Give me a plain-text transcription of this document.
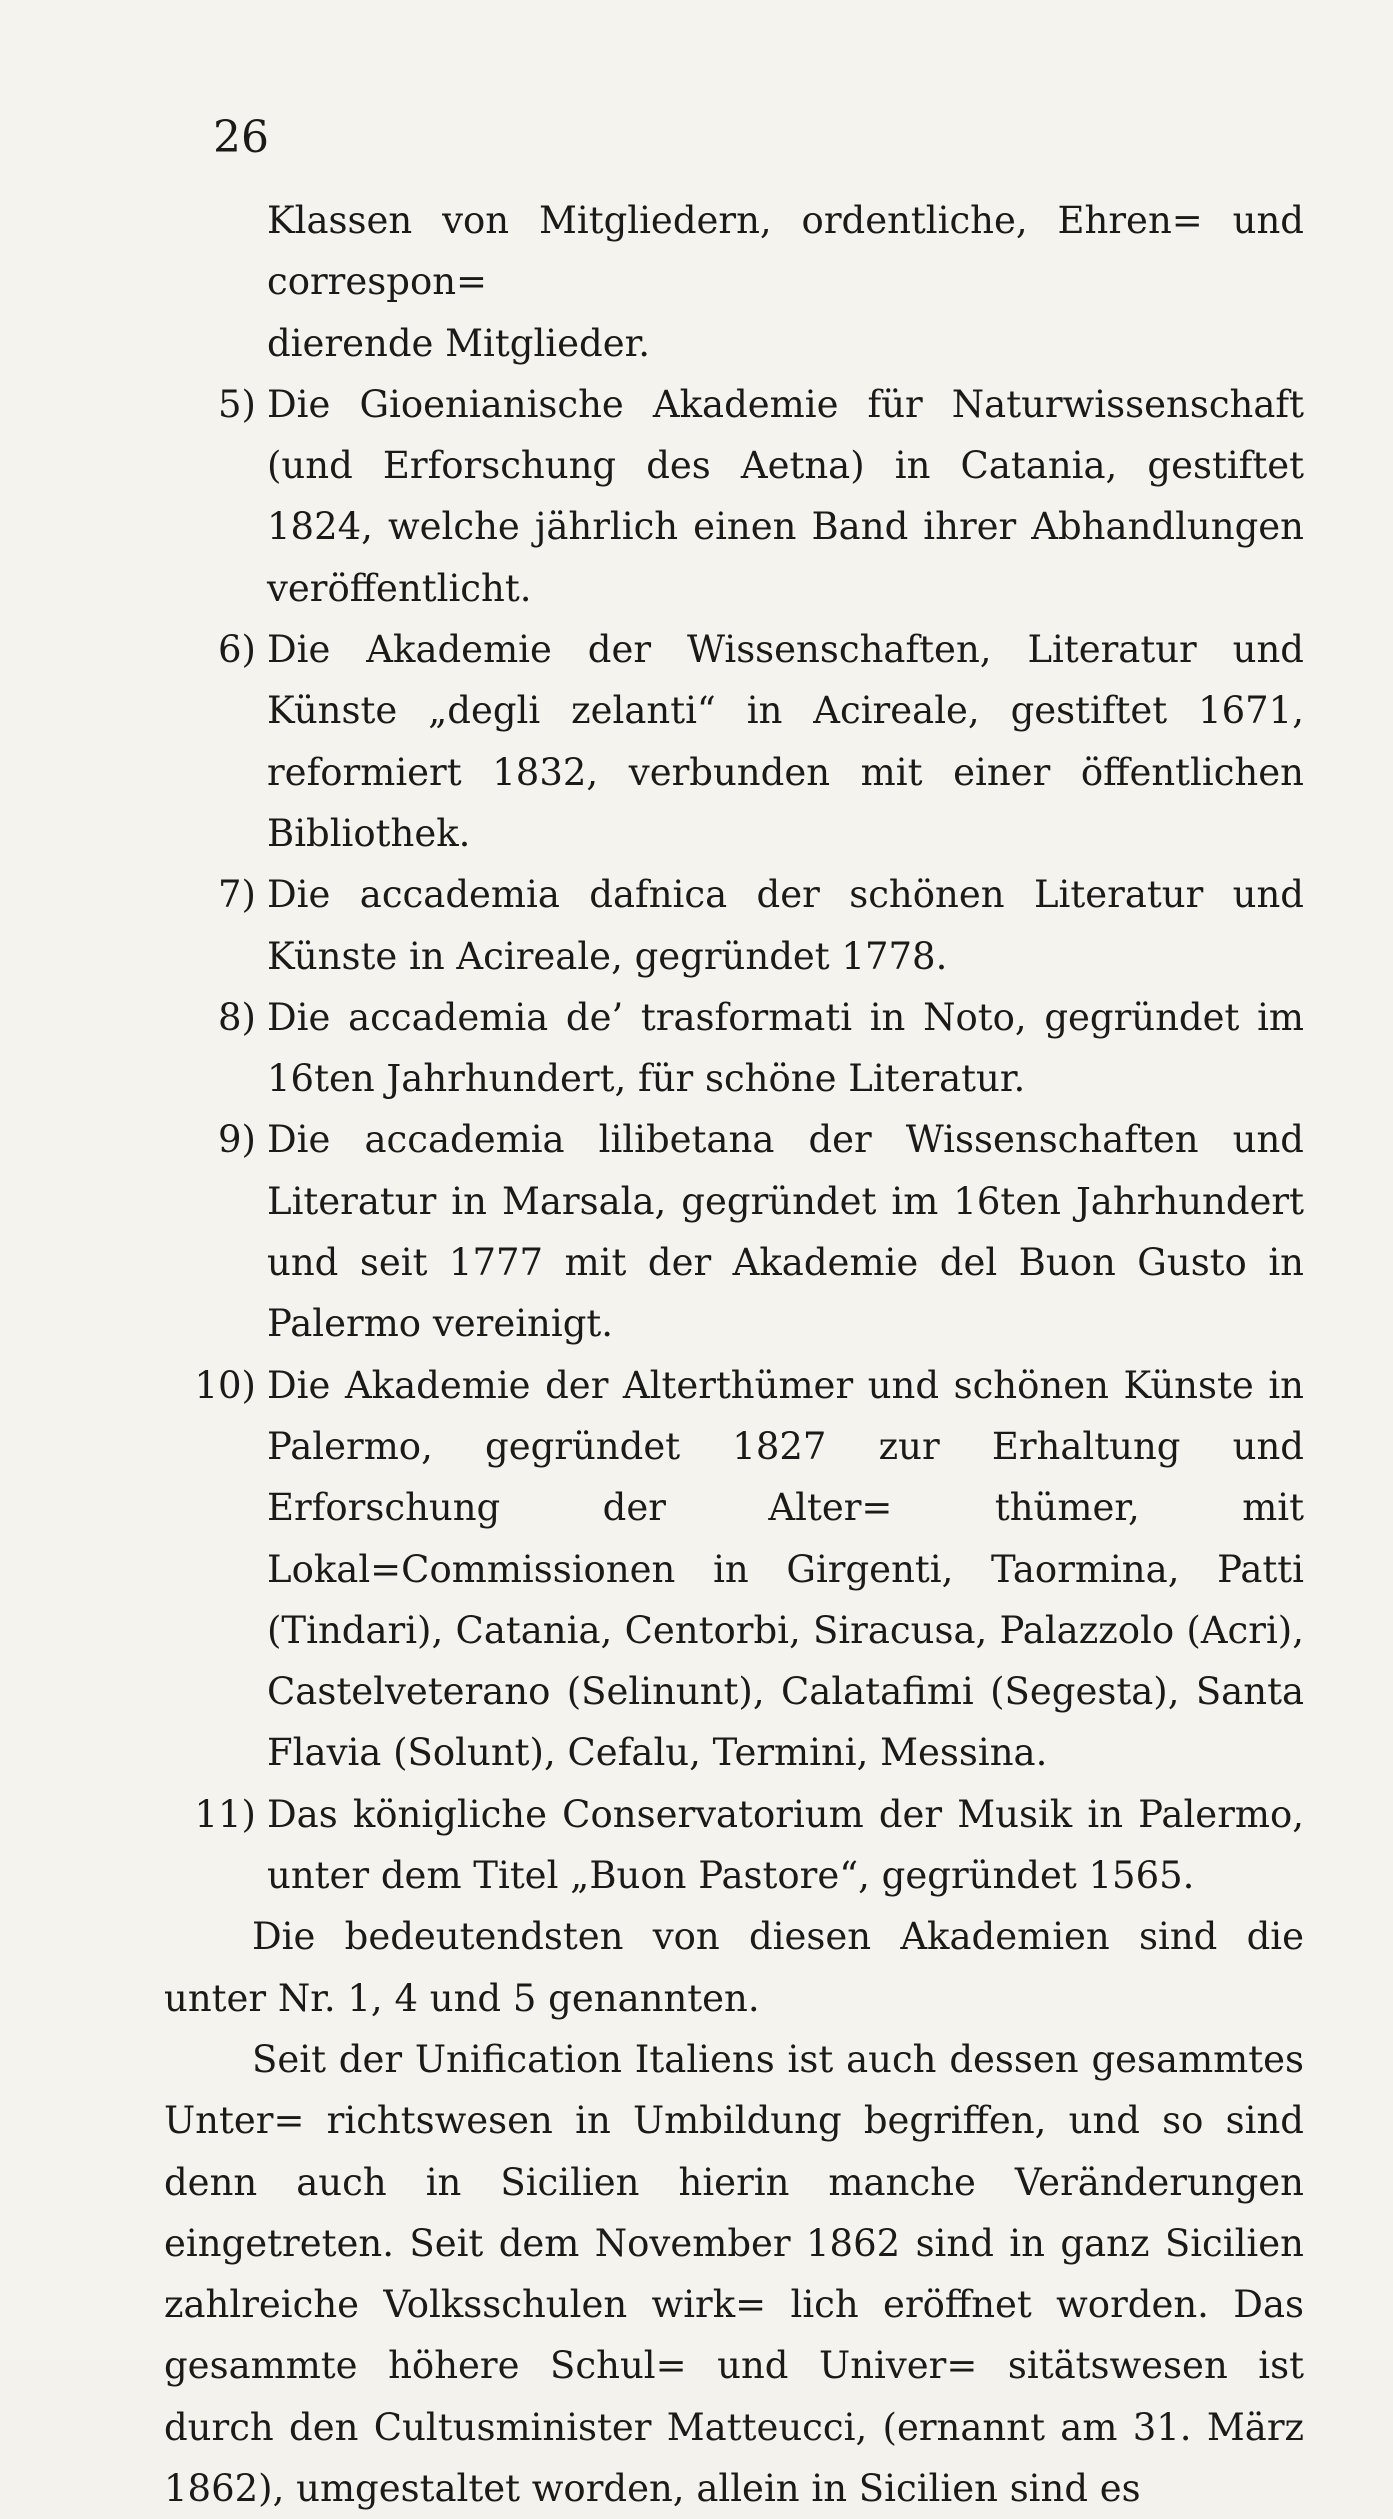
26
Klassen von Mitgliedern, ordentliche, Ehren= und correspon=
dierende Mitglieder.
5) Die Gioenianische Akademie für Naturwissenschaft (und Erforschung des Aetna) in Catania, gestiftet 1824, welche jährlich einen Band ihrer Abhandlungen veröffentlicht.
6) Die Akademie der Wissenschaften, Literatur und Künste „degli zelanti“ in Acireale, gestiftet 1671, reformiert 1832, verbunden mit einer öffentlichen Bibliothek.
7) Die accademia dafnica der schönen Literatur und Künste in Acireale, gegründet 1778.
8) Die accademia de’ trasformati in Noto, gegründet im 16ten Jahrhundert, für schöne Literatur.
9) Die accademia lilibetana der Wissenschaften und Literatur in Marsala, gegründet im 16ten Jahrhundert und seit 1777 mit der Akademie del Buon Gusto in Palermo vereinigt.
10) Die Akademie der Alterthümer und schönen Künste in Palermo, gegründet 1827 zur Erhaltung und Erforschung der Alter= thümer, mit Lokal=Commissionen in Girgenti, Taormina, Patti (Tindari), Catania, Centorbi, Siracusa, Palazzolo (Acri), Castelveterano (Selinunt), Calatafimi (Segesta), Santa Flavia (Solunt), Cefalu, Termini, Messina.
11) Das königliche Conservatorium der Musik in Palermo, unter dem Titel „Buon Pastore“, gegründet 1565.
Die bedeutendsten von diesen Akademien sind die unter Nr. 1, 4 und 5 genannten.
Seit der Unification Italiens ist auch dessen gesammtes Unter= richtswesen in Umbildung begriffen, und so sind denn auch in Sicilien hierin manche Veränderungen eingetreten. Seit dem November 1862 sind in ganz Sicilien zahlreiche Volksschulen wirk= lich eröffnet worden. Das gesammte höhere Schul= und Univer= sitätswesen ist durch den Cultusminister Matteucci, (ernannt am 31. März 1862), umgestaltet worden, allein in Sicilien sind es
